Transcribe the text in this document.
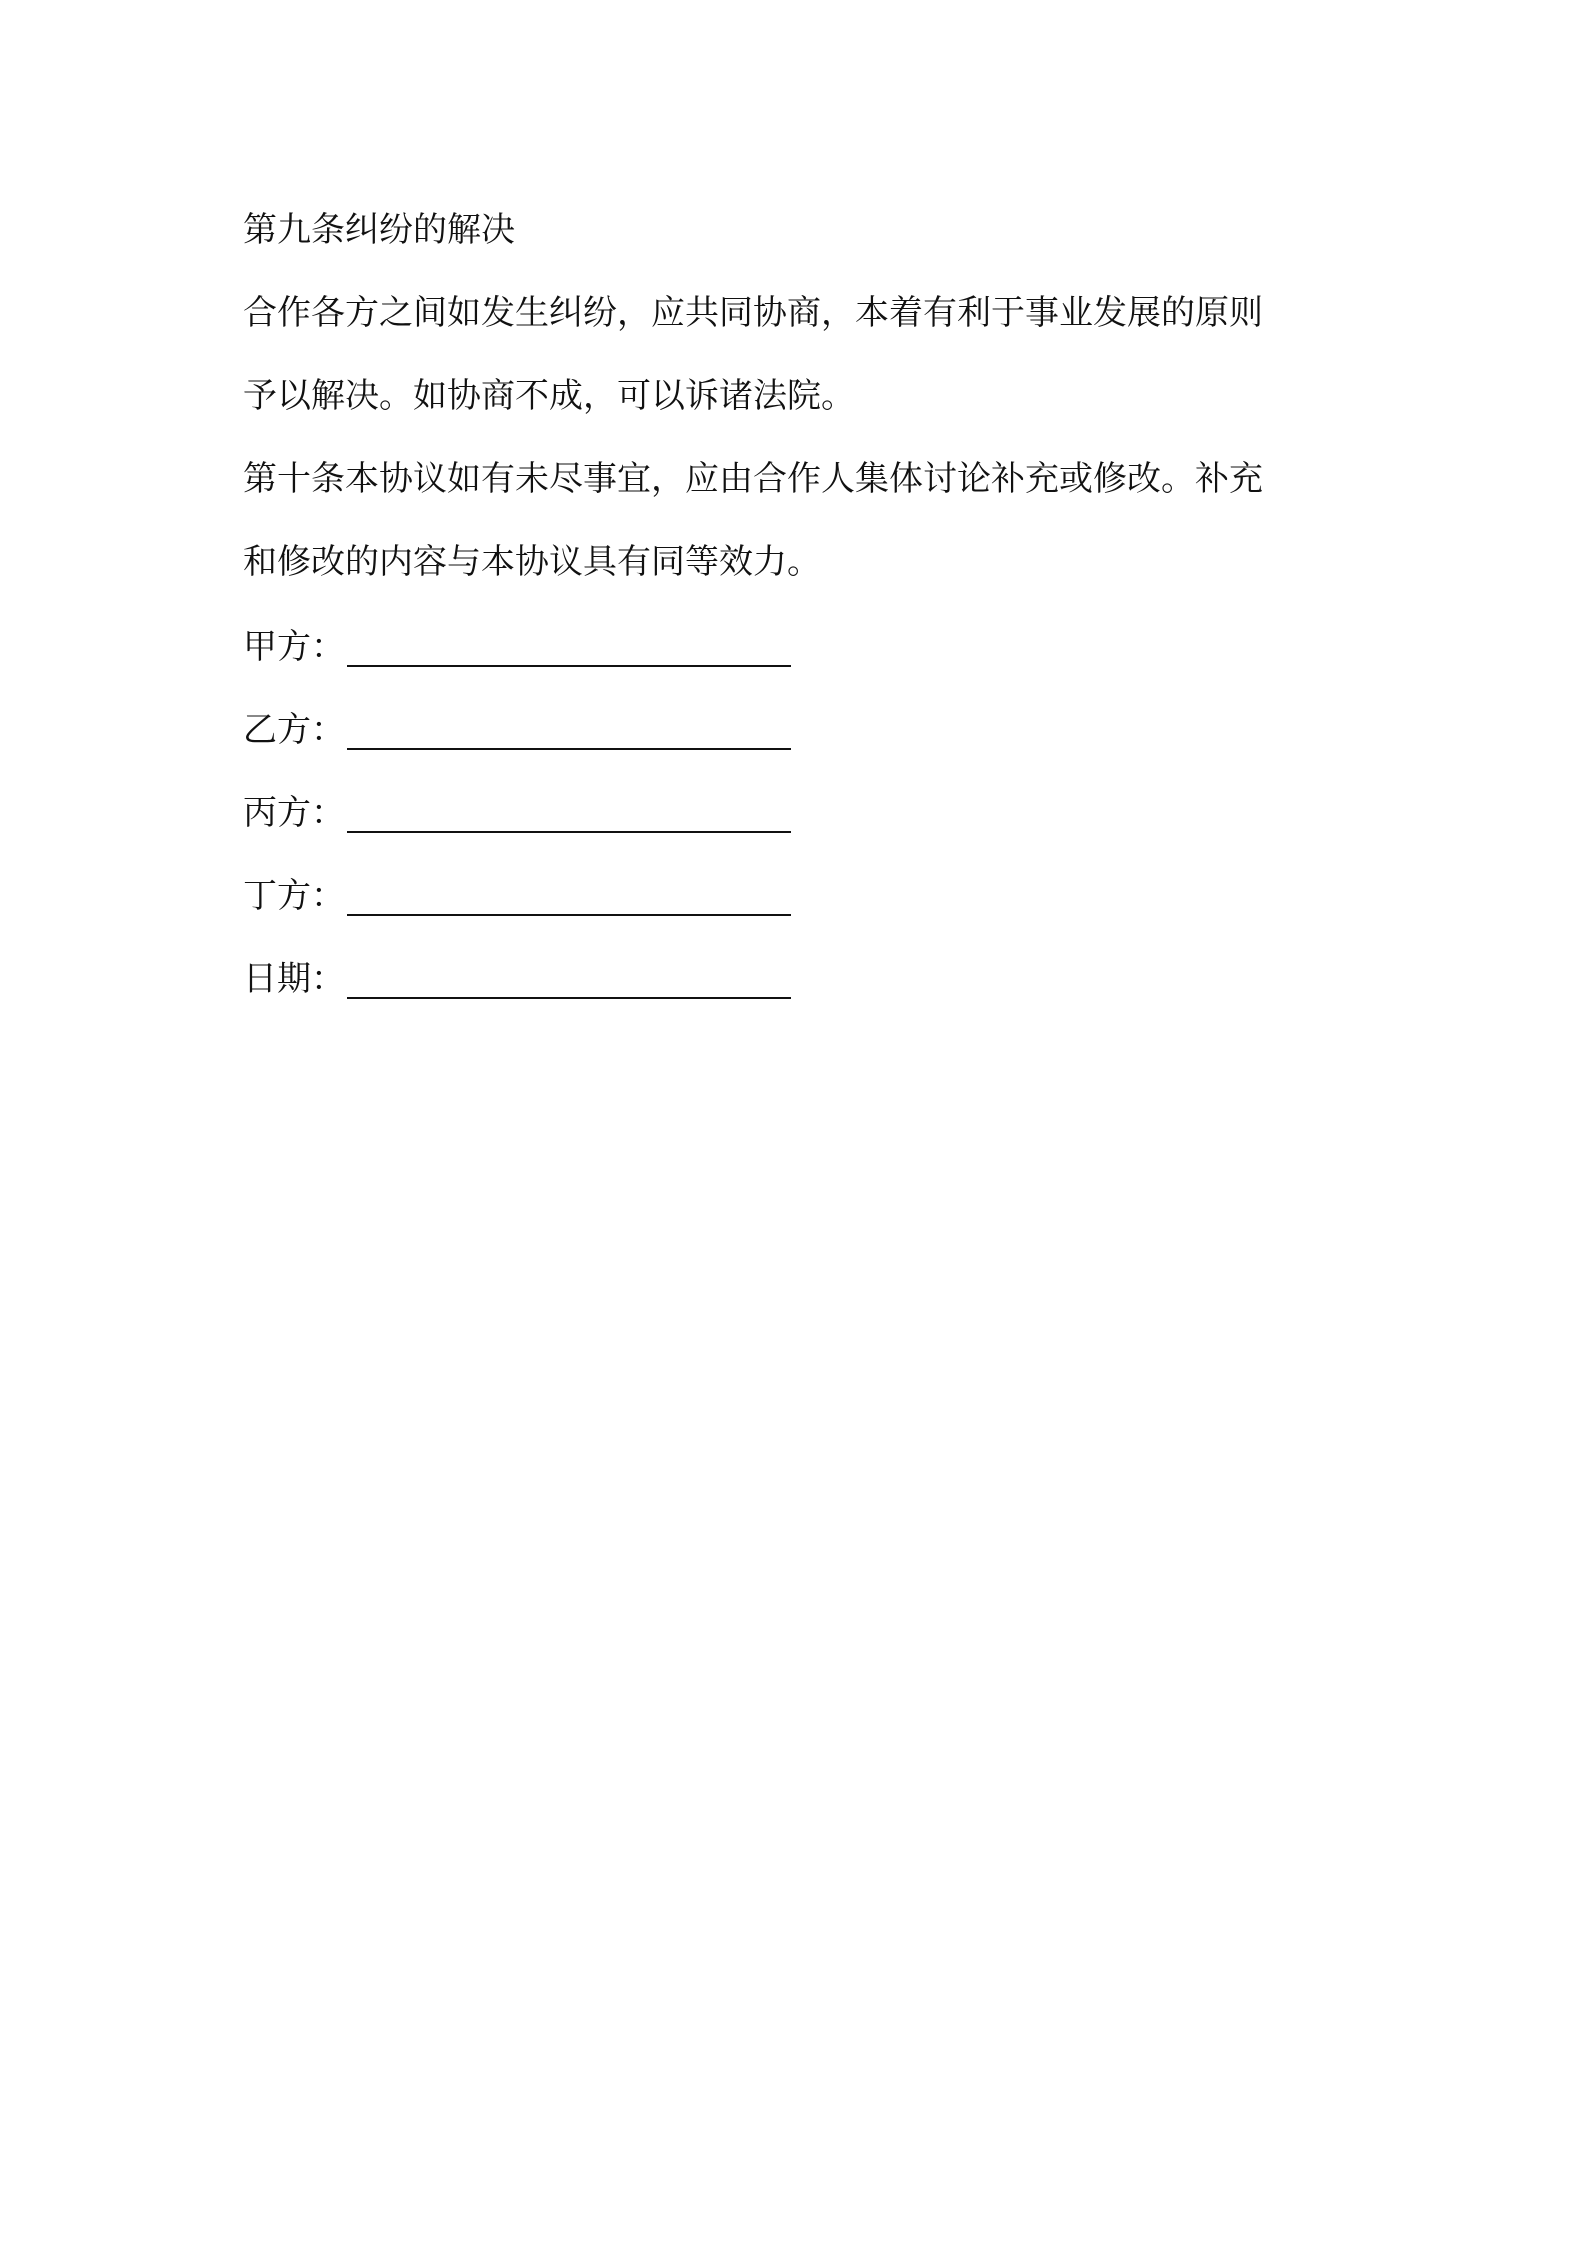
第九条纠纷的解决
合作各方之间如发生纠纷，应共同协商，本着有利于事业发展的原则
予以解决。如协商不成，可以诉诸法院。
第十条本协议如有未尽事宜，应由合作人集体讨论补充或修改。补充
和修改的内容与本协议具有同等效力。
甲方：
乙方：
丙方：
丁方：
日期：
